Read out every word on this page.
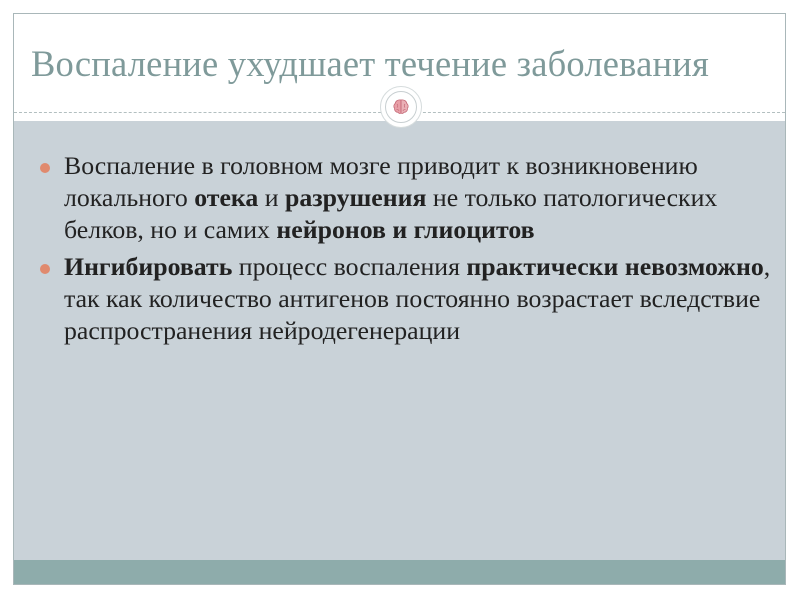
Воспаление ухудшает течение заболевания
Воспаление в головном мозге приводит к возникновению локального отека и разрушения не только патологических белков, но и самих нейронов и глиоцитов
Ингибировать процесс воспаления практически невозможно, так как количество антигенов постоянно возрастает вследствие распространения нейродегенерации
